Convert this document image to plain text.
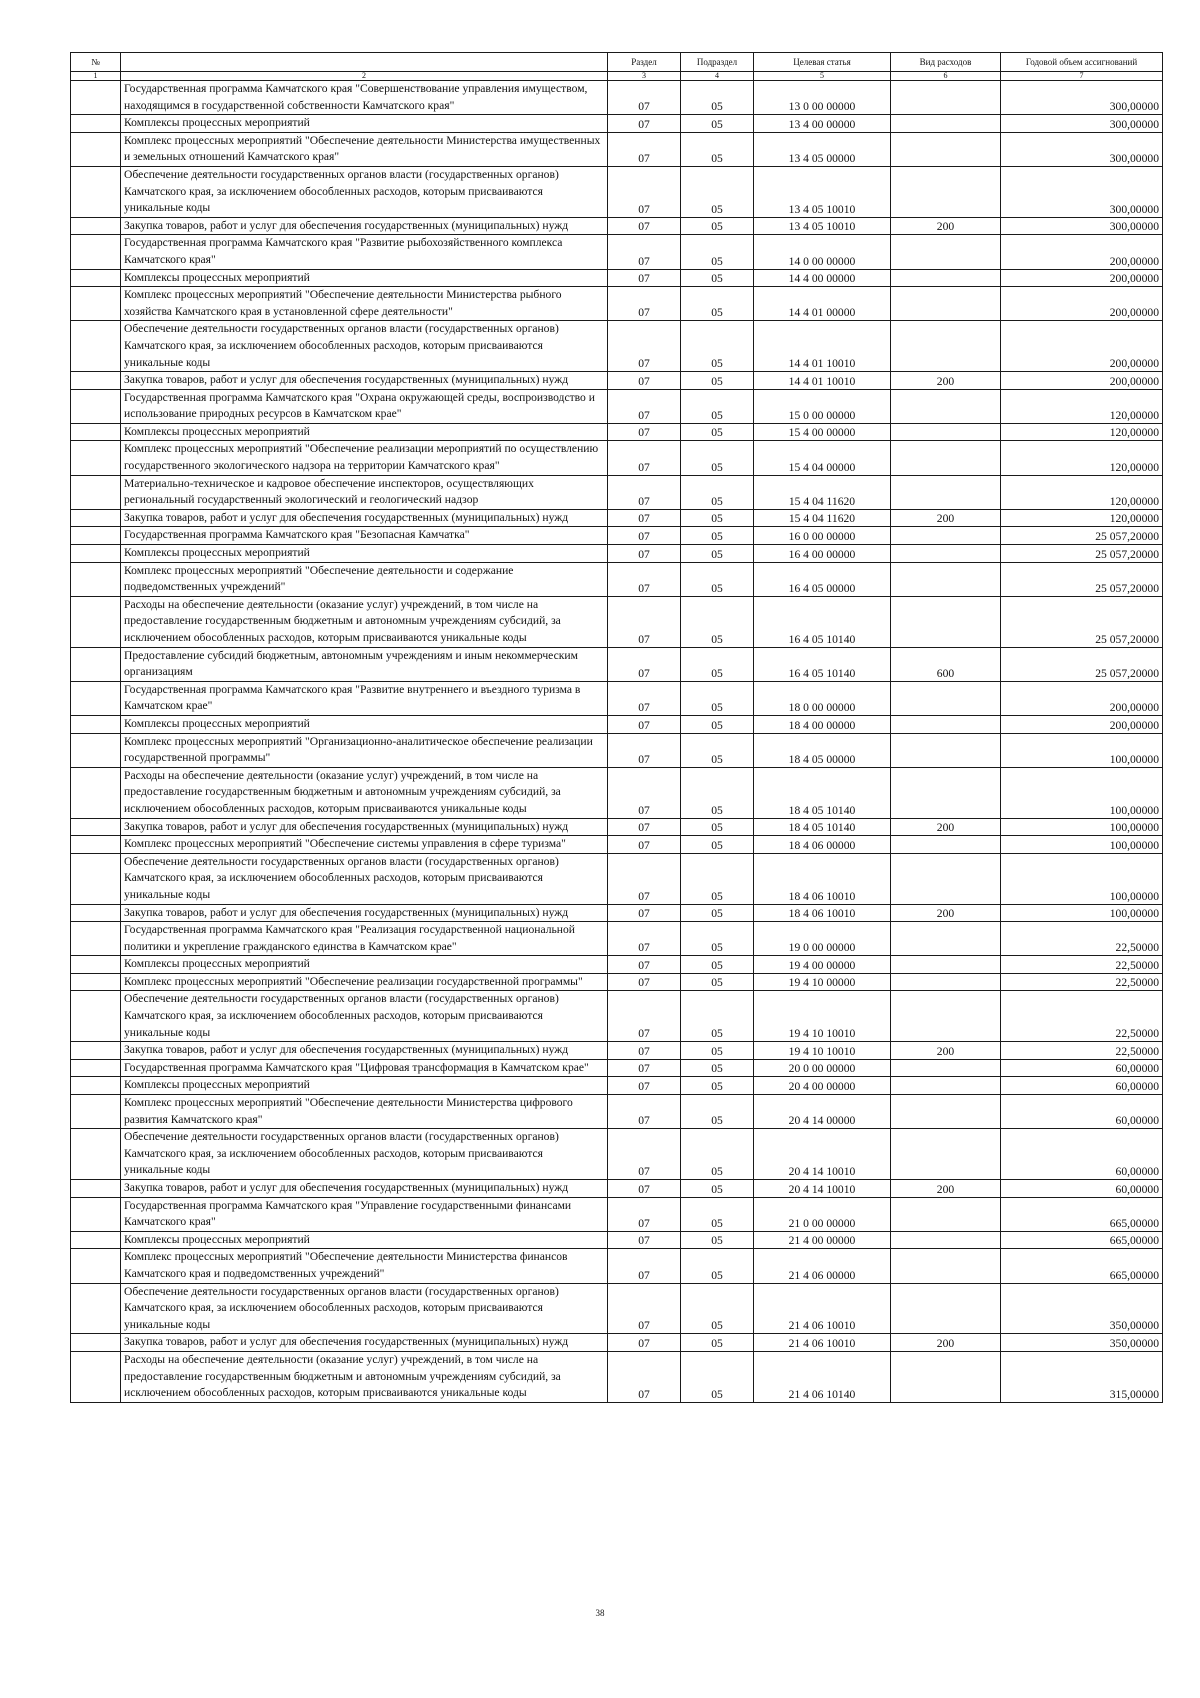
№		Раздел	Подраздел	Целевая статья	Вид расходов	Годовой объем ассигнований
1	2	3	4	5	6	7
	Государственная программа Камчатского края "Совершенствование управления имуществом, находящимся в государственной собственности Камчатского края"	07	05	13 0 00 00000		300,00000
	Комплексы процессных мероприятий	07	05	13 4 00 00000		300,00000
	Комплекс процессных мероприятий "Обеспечение деятельности Министерства имущественных и земельных отношений Камчатского края"	07	05	13 4 05 00000		300,00000
	Обеспечение деятельности государственных органов власти (государственных органов) Камчатского края, за исключением обособленных расходов, которым присваиваются уникальные коды	07	05	13 4 05 10010		300,00000
	Закупка товаров, работ и услуг для обеспечения государственных (муниципальных) нужд	07	05	13 4 05 10010	200	300,00000
	Государственная программа Камчатского края "Развитие рыбохозяйственного комплекса Камчатского края"	07	05	14 0 00 00000		200,00000
	Комплексы процессных мероприятий	07	05	14 4 00 00000		200,00000
	Комплекс процессных мероприятий "Обеспечение деятельности Министерства рыбного хозяйства Камчатского края в установленной сфере деятельности"	07	05	14 4 01 00000		200,00000
	Обеспечение деятельности государственных органов власти (государственных органов) Камчатского края, за исключением обособленных расходов, которым присваиваются уникальные коды	07	05	14 4 01 10010		200,00000
	Закупка товаров, работ и услуг для обеспечения государственных (муниципальных) нужд	07	05	14 4 01 10010	200	200,00000
	Государственная программа Камчатского края "Охрана окружающей среды, воспроизводство и использование природных ресурсов в Камчатском крае"	07	05	15 0 00 00000		120,00000
	Комплексы процессных мероприятий	07	05	15 4 00 00000		120,00000
	Комплекс процессных мероприятий "Обеспечение реализации мероприятий по осуществлению государственного экологического надзора на территории Камчатского края"	07	05	15 4 04 00000		120,00000
	Материально-техническое и кадровое обеспечение инспекторов, осуществляющих региональный государственный экологический и геологический надзор	07	05	15 4 04 11620		120,00000
	Закупка товаров, работ и услуг для обеспечения государственных (муниципальных) нужд	07	05	15 4 04 11620	200	120,00000
	Государственная программа Камчатского края "Безопасная Камчатка"	07	05	16 0 00 00000		25 057,20000
	Комплексы процессных мероприятий	07	05	16 4 00 00000		25 057,20000
	Комплекс процессных мероприятий "Обеспечение деятельности и содержание подведомственных учреждений"	07	05	16 4 05 00000		25 057,20000
	Расходы на обеспечение деятельности (оказание услуг) учреждений, в том числе на предоставление государственным бюджетным и автономным учреждениям субсидий, за исключением обособленных расходов, которым присваиваются уникальные коды	07	05	16 4 05 10140		25 057,20000
	Предоставление субсидий бюджетным, автономным учреждениям и иным некоммерческим организациям	07	05	16 4 05 10140	600	25 057,20000
	Государственная программа Камчатского края "Развитие внутреннего и въездного туризма в Камчатском крае"	07	05	18 0 00 00000		200,00000
	Комплексы процессных мероприятий	07	05	18 4 00 00000		200,00000
	Комплекс процессных мероприятий "Организационно-аналитическое обеспечение реализации государственной программы"	07	05	18 4 05 00000		100,00000
	Расходы на обеспечение деятельности (оказание услуг) учреждений, в том числе на предоставление государственным бюджетным и автономным учреждениям субсидий, за исключением обособленных расходов, которым присваиваются уникальные коды	07	05	18 4 05 10140		100,00000
	Закупка товаров, работ и услуг для обеспечения государственных (муниципальных) нужд	07	05	18 4 05 10140	200	100,00000
	Комплекс процессных мероприятий "Обеспечение системы управления в сфере туризма"	07	05	18 4 06 00000		100,00000
	Обеспечение деятельности государственных органов власти (государственных органов) Камчатского края, за исключением обособленных расходов, которым присваиваются уникальные коды	07	05	18 4 06 10010		100,00000
	Закупка товаров, работ и услуг для обеспечения государственных (муниципальных) нужд	07	05	18 4 06 10010	200	100,00000
	Государственная программа Камчатского края "Реализация государственной национальной политики и укрепление гражданского единства в Камчатском крае"	07	05	19 0 00 00000		22,50000
	Комплексы процессных мероприятий	07	05	19 4 00 00000		22,50000
	Комплекс процессных мероприятий "Обеспечение реализации государственной программы"	07	05	19 4 10 00000		22,50000
	Обеспечение деятельности государственных органов власти (государственных органов) Камчатского края, за исключением обособленных расходов, которым присваиваются уникальные коды	07	05	19 4 10 10010		22,50000
	Закупка товаров, работ и услуг для обеспечения государственных (муниципальных) нужд	07	05	19 4 10 10010	200	22,50000
	Государственная программа Камчатского края "Цифровая трансформация в Камчатском крае"	07	05	20 0 00 00000		60,00000
	Комплексы процессных мероприятий	07	05	20 4 00 00000		60,00000
	Комплекс процессных мероприятий "Обеспечение деятельности Министерства цифрового развития Камчатского края"	07	05	20 4 14 00000		60,00000
	Обеспечение деятельности государственных органов власти (государственных органов) Камчатского края, за исключением обособленных расходов, которым присваиваются уникальные коды	07	05	20 4 14 10010		60,00000
	Закупка товаров, работ и услуг для обеспечения государственных (муниципальных) нужд	07	05	20 4 14 10010	200	60,00000
	Государственная программа Камчатского края "Управление государственными финансами Камчатского края"	07	05	21 0 00 00000		665,00000
	Комплексы процессных мероприятий	07	05	21 4 00 00000		665,00000
	Комплекс процессных мероприятий "Обеспечение деятельности Министерства финансов Камчатского края и подведомственных учреждений"	07	05	21 4 06 00000		665,00000
	Обеспечение деятельности государственных органов власти (государственных органов) Камчатского края, за исключением обособленных расходов, которым присваиваются уникальные коды	07	05	21 4 06 10010		350,00000
	Закупка товаров, работ и услуг для обеспечения государственных (муниципальных) нужд	07	05	21 4 06 10010	200	350,00000
	Расходы на обеспечение деятельности (оказание услуг) учреждений, в том числе на предоставление государственным бюджетным и автономным учреждениям субсидий, за исключением обособленных расходов, которым присваиваются уникальные коды	07	05	21 4 06 10140		315,00000
38
